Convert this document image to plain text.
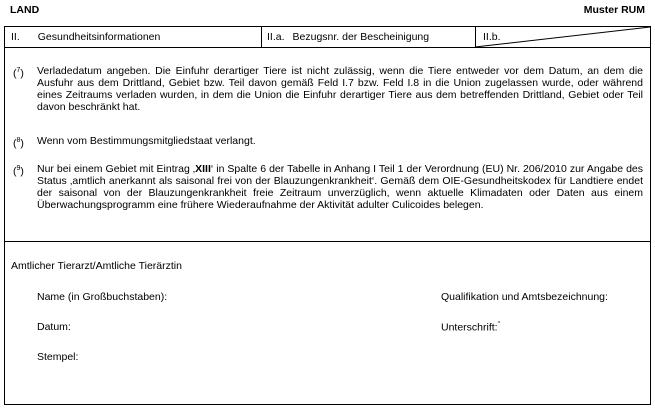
LAND	Muster RUM
II. Gesundheitsinformationen	II.a. Bezugsnr. der Bescheinigung	II.b.
($^7$)	Verladedatum angeben. Die Einfuhr derartiger Tiere ist nicht zulässig, wenn die Tiere entweder vor dem Datum, an dem die Ausfuhr aus dem Drittland, Gebiet bzw. Teil davon gemäß Feld I.7 bzw. Feld I.8 in die Union zugelassen wurde, oder während eines Zeitraums verladen wurden, in dem die Union die Einfuhr derartiger Tiere aus dem betreffenden Drittland, Gebiet oder Teil davon beschränkt hat.
($^8$)	Wenn vom Bestimmungsmitgliedstaat verlangt.
($^9$)	Nur bei einem Gebiet mit Eintrag ‚XIII‘ in Spalte 6 der Tabelle in Anhang I Teil 1 der Verordnung (EU) Nr. 206/2010 zur Angabe des Status ‚amtlich anerkannt als saisonal frei von der Blauzungenkrankheit‘. Gemäß dem OIE-Gesundheitskodex für Landtiere endet der saisonal von der Blauzungenkrankheit freie Zeitraum unverzüglich, wenn aktuelle Klimadaten oder Daten aus einem Überwachungsprogramm eine frühere Wiederaufnahme der Aktivität adulter Culicoides belegen.
Amtlicher Tierarzt/Amtliche Tierärztin
Name (in Großbuchstaben):	Qualifikation und Amtsbezeichnung:
Datum:	Unterschrift:“
Stempel:
